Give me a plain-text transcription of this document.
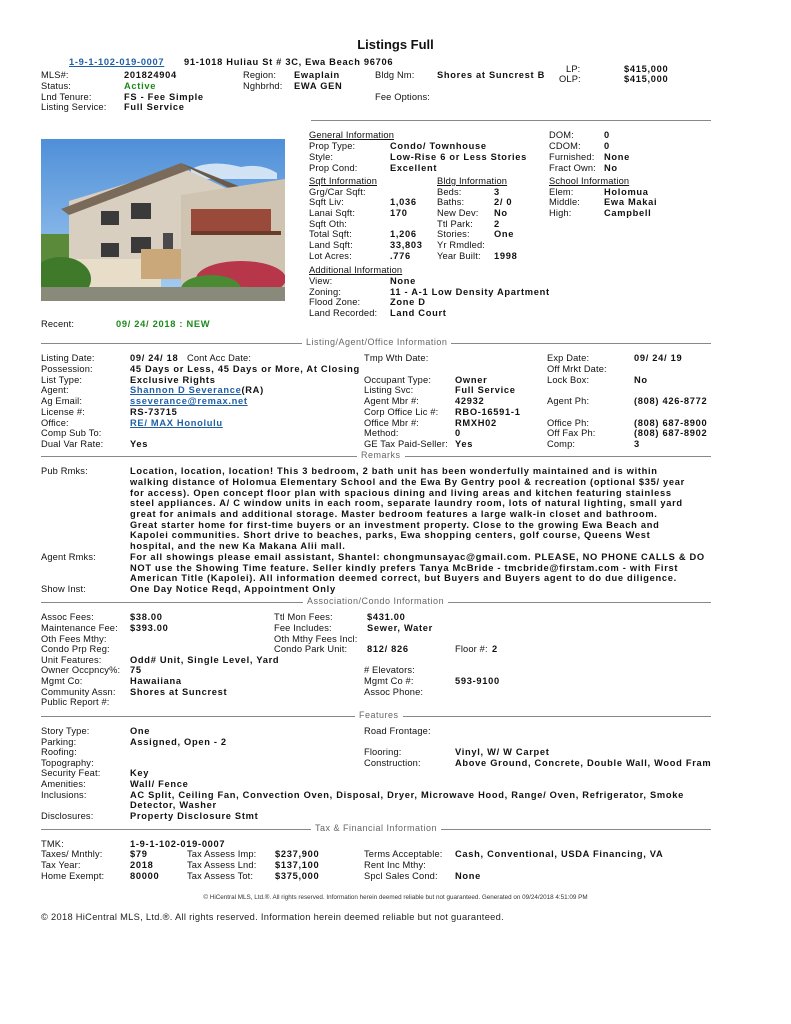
Listings Full
1-9-1-102-019-0007 91-1018 Huliau St # 3C, Ewa Beach 96706
LP:	$415,000
OLP:	$415,000
MLS#:	201824904	Region: Ewaplain	Bldg Nm: Shores at Suncrest B
Status:	Active	Nghbrhd: EWA GEN
Lnd Tenure:	FS - Fee Simple	Fee Options:
Listing Service: Full Service
General Information
Prop Type:	Condo/ Townhouse
Style:	Low-Rise 6 or Less Stories
Prop Cond:	Excellent
DOM:	0
CDOM:	0
Furnished: None
Fract Own: No
Sqft Information
Grg/Car Sqft:
Sqft Liv:	1,036
Lanai Sqft:	170
Sqft Oth:
Total Sqft:	1,206
Land Sqft:	33,803
Lot Acres:	.776
Bldg Information
Beds:	3
Baths:	2/ 0
New Dev: No
Ttl Park: 2
Stories:	One
Yr Rmdled:
Year Built: 1998
School Information
Elem:	Holomua
Middle:	Ewa Makai
High:	Campbell
Additional Information
View:	None
Zoning:	11 - A-1 Low Density Apartment
Flood Zone:	Zone D
Land Recorded: Land Court
Recent:	09/ 24/ 2018 : NEW
Listing/Agent/Office Information
Listing Date:	09/ 24/ 18 Cont Acc Date:	Tmp Wth Date:	Exp Date:	09/ 24/ 19
Possession:	45 Days or Less, 45 Days or More, At Closing	Off Mrkt Date:
List Type:	Exclusive Rights	Occupant Type:	Owner	Lock Box:	No
Agent:	Shannon D Severance(RA)	Listing Svc:	Full Service
Ag Email:	sseverance@remax.net	Agent Mbr #:	42932	Agent Ph:	(808) 426-8772
License #:	RS-73715	Corp Office Lic #: RBO-16591-1
Office:	RE/ MAX Honolulu	Office Mbr #:	RMXH02	Office Ph:	(808) 687-8900
Comp Sub To:	Method:	0	Off Fax Ph:	(808) 687-8902
Dual Var Rate:	Yes	GE Tax Paid-Seller: Yes	Comp:	3
Remarks
Pub Rmks:	Location, location, location! This 3 bedroom, 2 bath unit has been wonderfully maintained and is within
walking distance of Holomua Elementary School and the Ewa By Gentry pool & recreation (optional $35/ year
for access). Open concept floor plan with spacious dining and living areas and kitchen featuring stainless
steel appliances. A/ C window units in each room, separate laundry room, lots of natural lighting, small yard
great for animals and additional storage. Master bedroom features a large walk-in closet and bathroom.
Great starter home for first-time buyers or an investment property. Close to the growing Ewa Beach and
Kapolei communities. Short drive to beaches, parks, Ewa shopping centers, golf course, Queens West
hospital, and the new Ka Makana Alii mall.
Agent Rmks:	For all showings please email assistant, Shantel: chongmunsayac@gmail.com. PLEASE, NO PHONE CALLS & DO
NOT use the Showing Time feature. Seller kindly prefers Tanya McBride - tmcbride@firstam.com - with First
American Title (Kapolei). All information deemed correct, but Buyers and Buyers agent to do due diligence.
Show Inst:	One Day Notice Reqd, Appointment Only
Association/Condo Information
Assoc Fees:	$38.00	Ttl Mon Fees:	$431.00
Maintenance Fee: $393.00	Fee Includes:	Sewer, Water
Oth Fees Mthy:	Oth Mthy Fees Incl:
Condo Prp Reg:	Condo Park Unit: 812/ 826	Floor #: 2
Unit Features:	Odd# Unit, Single Level, Yard
Owner Occpncy%: 75	# Elevators:
Mgmt Co:	Hawaiiana	Mgmt Co #:	593-9100
Community Assn: Shores at Suncrest	Assoc Phone:
Public Report #:
Features
Story Type:	One	Road Frontage:
Parking:	Assigned, Open - 2
Roofing:	Flooring:	Vinyl, W/ W Carpet
Topography:	Construction:	Above Ground, Concrete, Double Wall, Wood Fram
Security Feat:	Key
Amenities:	Wall/ Fence
Inclusions:	AC Split, Ceiling Fan, Convection Oven, Disposal, Dryer, Microwave Hood, Range/ Oven, Refrigerator, Smoke
Detector, Washer
Disclosures:	Property Disclosure Stmt
Tax & Financial Information
TMK:	1-9-1-102-019-0007
Taxes/ Mnthly:	$79	Tax Assess Imp: $237,900	Terms Acceptable: Cash, Conventional, USDA Financing, VA
Tax Year:	2018	Tax Assess Lnd: $137,100	Rent Inc Mthy:
Home Exempt:	80000	Tax Assess Tot: $375,000	Spcl Sales Cond: None
© HiCentral MLS, Ltd.®. All rights reserved. Information herein deemed reliable but not guaranteed. Generated on 09/24/2018 4:51:09 PM
© 2018 HiCentral MLS, Ltd.®. All rights reserved. Information herein deemed reliable but not guaranteed.
